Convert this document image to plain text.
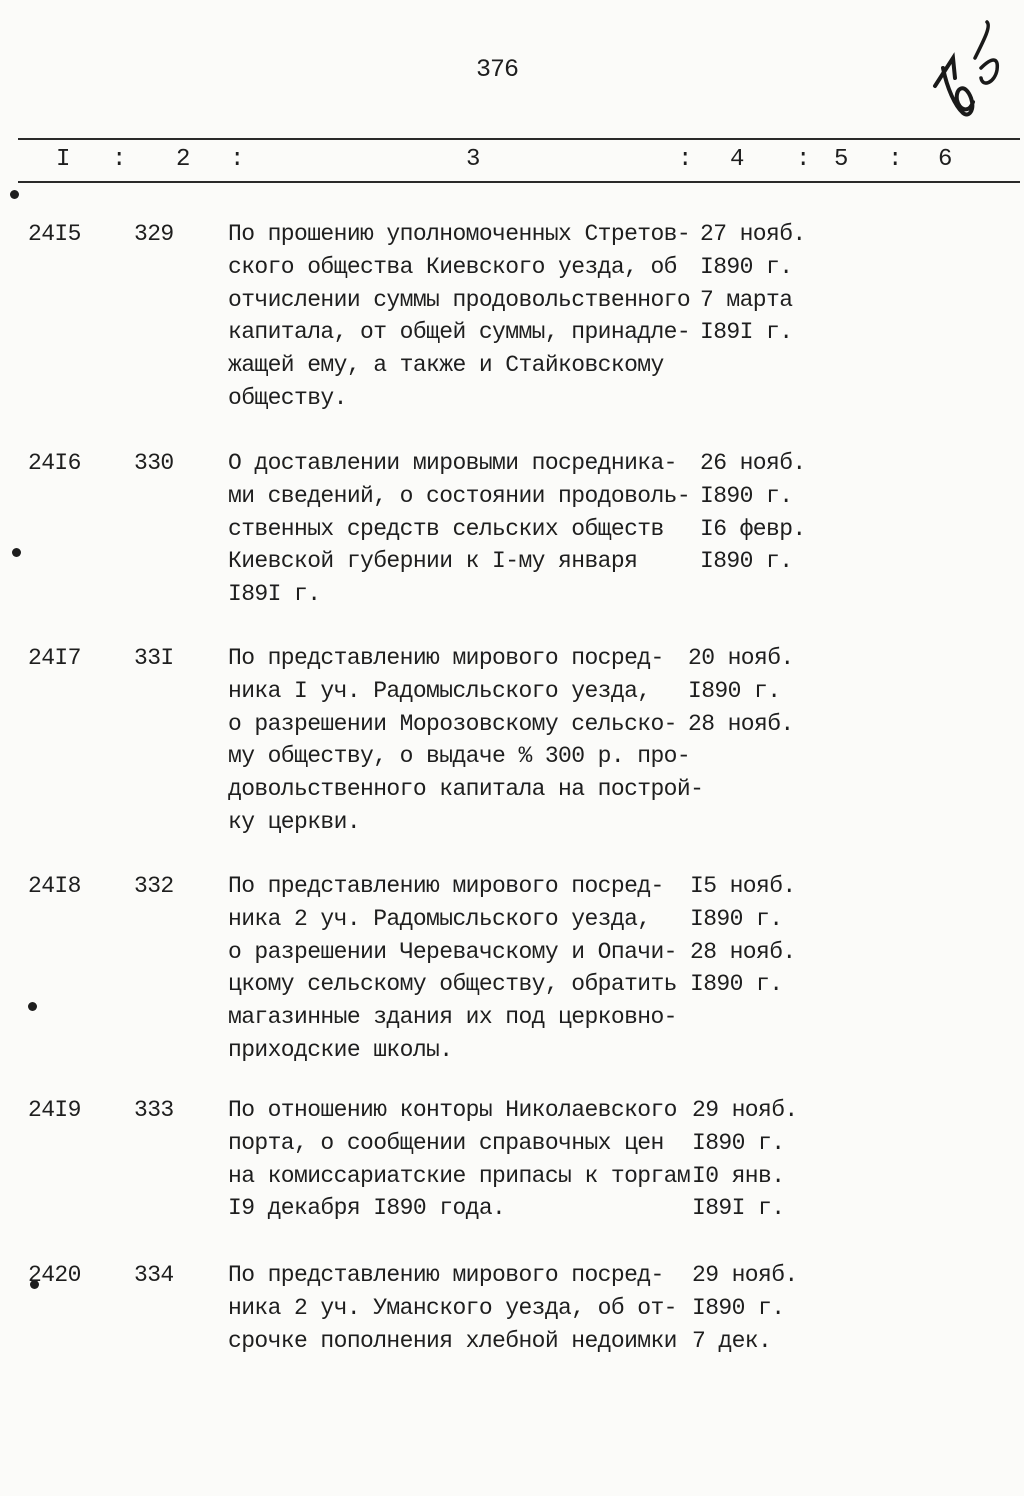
376
I : 2 :	3	: 4 : 5 : 6
24I5 329 По прошению уполномоченных Стретов-
ского общества Киевского уезда, об
отчислении суммы продовольственного
капитала, от общей суммы, принадле-
жащей ему, а также и Стайковскому
обществу.
27 нояб.
I890 г.
7 марта
I89I г.
24I6 330 О доставлении мировыми посредника-
ми сведений, о состоянии продоволь-
ственных средств сельских обществ
Киевской губернии к I-му января
I89I г.
26 нояб.
I890 г.
I6 февр.
I890 г.
24I7 33I По представлению мирового посред-
ника I уч. Радомысльского уезда,
о разрешении Морозовскому сельско-
му обществу, о выдаче % 300 р. про-
довольственного капитала на построй-
ку церкви.
20 нояб.
I890 г.
28 нояб.
24I8 332 По представлению мирового посред-
ника 2 уч. Радомысльского уезда,
о разрешении Черевачскому и Опачи-
цкому сельскому обществу, обратить
магазинные здания их под церковно-
приходские школы.
I5 нояб.
I890 г.
28 нояб.
I890 г.
24I9 333 По отношению конторы Николаевского
порта, о сообщении справочных цен
на комиссариатские припасы к торгам
I9 декабря I890 года.
29 нояб.
I890 г.
I0 янв.
I89I г.
2420 334 По представлению мирового посред-
ника 2 уч. Уманского уезда, об от-
срочке пополнения хлебной недоимки
29 нояб.
I890 г.
7 дек.
